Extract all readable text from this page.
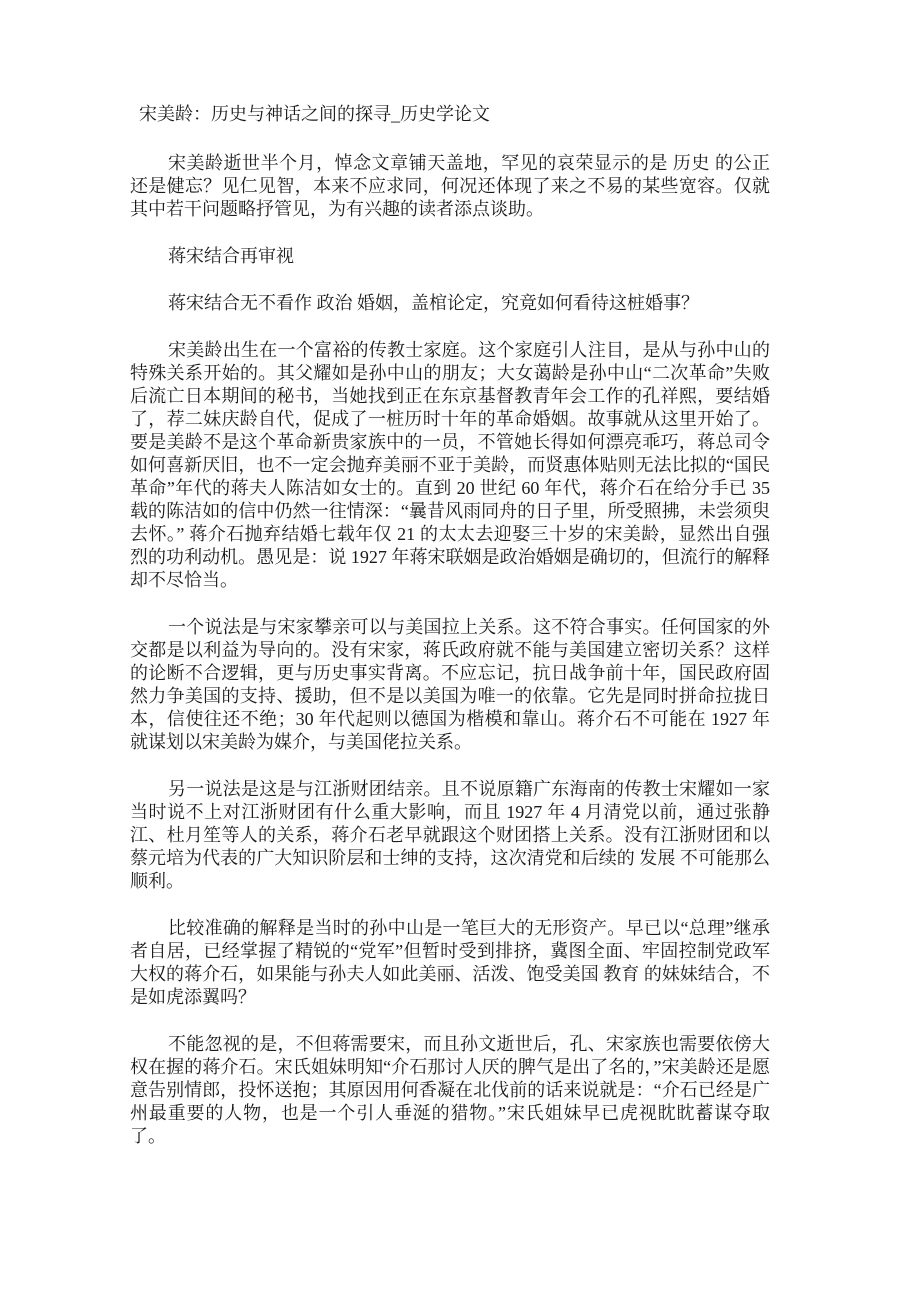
宋美龄：历史与神话之间的探寻_历史学论文

宋美龄逝世半个月，悼念文章铺天盖地，罕见的哀荣显示的是 历史 的公正还是健忘？见仁见智，本来不应求同，何况还体现了来之不易的某些宽容。仅就其中若干问题略抒管见，为有兴趣的读者添点谈助。

蒋宋结合再审视

蒋宋结合无不看作 政治 婚姻，盖棺论定，究竟如何看待这桩婚事？

宋美龄出生在一个富裕的传教士家庭。这个家庭引人注目，是从与孙中山的特殊关系开始的。其父耀如是孙中山的朋友；大女蔼龄是孙中山“二次革命”失败后流亡日本期间的秘书，当她找到正在东京基督教青年会工作的孔祥熙，要结婚了，荐二妹庆龄自代，促成了一桩历时十年的革命婚姻。故事就从这里开始了。要是美龄不是这个革命新贵家族中的一员，不管她长得如何漂亮乖巧，蒋总司令如何喜新厌旧，也不一定会抛弃美丽不亚于美龄，而贤惠体贴则无法比拟的“国民革命”年代的蒋夫人陈洁如女士的。直到 20 世纪 60 年代，蒋介石在给分手已 35 载的陈洁如的信中仍然一往情深：“曩昔风雨同舟的日子里，所受照拂，未尝须臾去怀。” 蒋介石抛弃结婚七载年仅 21 的太太去迎娶三十岁的宋美龄，显然出自强烈的功利动机。愚见是：说 1927 年蒋宋联姻是政治婚姻是确切的，但流行的解释却不尽恰当。

一个说法是与宋家攀亲可以与美国拉上关系。这不符合事实。任何国家的外交都是以利益为导向的。没有宋家，蒋氏政府就不能与美国建立密切关系？这样的论断不合逻辑，更与历史事实背离。不应忘记，抗日战争前十年，国民政府固然力争美国的支持、援助，但不是以美国为唯一的依靠。它先是同时拼命拉拢日本，信使往还不绝；30 年代起则以德国为楷模和靠山。蒋介石不可能在 1927 年就谋划以宋美龄为媒介，与美国佬拉关系。

另一说法是这是与江浙财团结亲。且不说原籍广东海南的传教士宋耀如一家当时说不上对江浙财团有什么重大影响，而且 1927 年 4 月清党以前，通过张静江、杜月笙等人的关系，蒋介石老早就跟这个财团搭上关系。没有江浙财团和以蔡元培为代表的广大知识阶层和士绅的支持，这次清党和后续的 发展 不可能那么顺利。

比较准确的解释是当时的孙中山是一笔巨大的无形资产。早已以“总理”继承者自居，已经掌握了精锐的“党军”但暂时受到排挤，冀图全面、牢固控制党政军大权的蒋介石，如果能与孙夫人如此美丽、活泼、饱受美国 教育 的妹妹结合，不是如虎添翼吗？

不能忽视的是，不但蒋需要宋，而且孙文逝世后，孔、宋家族也需要依傍大权在握的蒋介石。宋氏姐妹明知“介石那讨人厌的脾气是出了名的，”宋美龄还是愿意告别情郎，投怀送抱；其原因用何香凝在北伐前的话来说就是：“介石已经是广州最重要的人物，也是一个引人垂涎的猎物。”宋氏姐妹早已虎视眈眈蓄谋夺取了。
